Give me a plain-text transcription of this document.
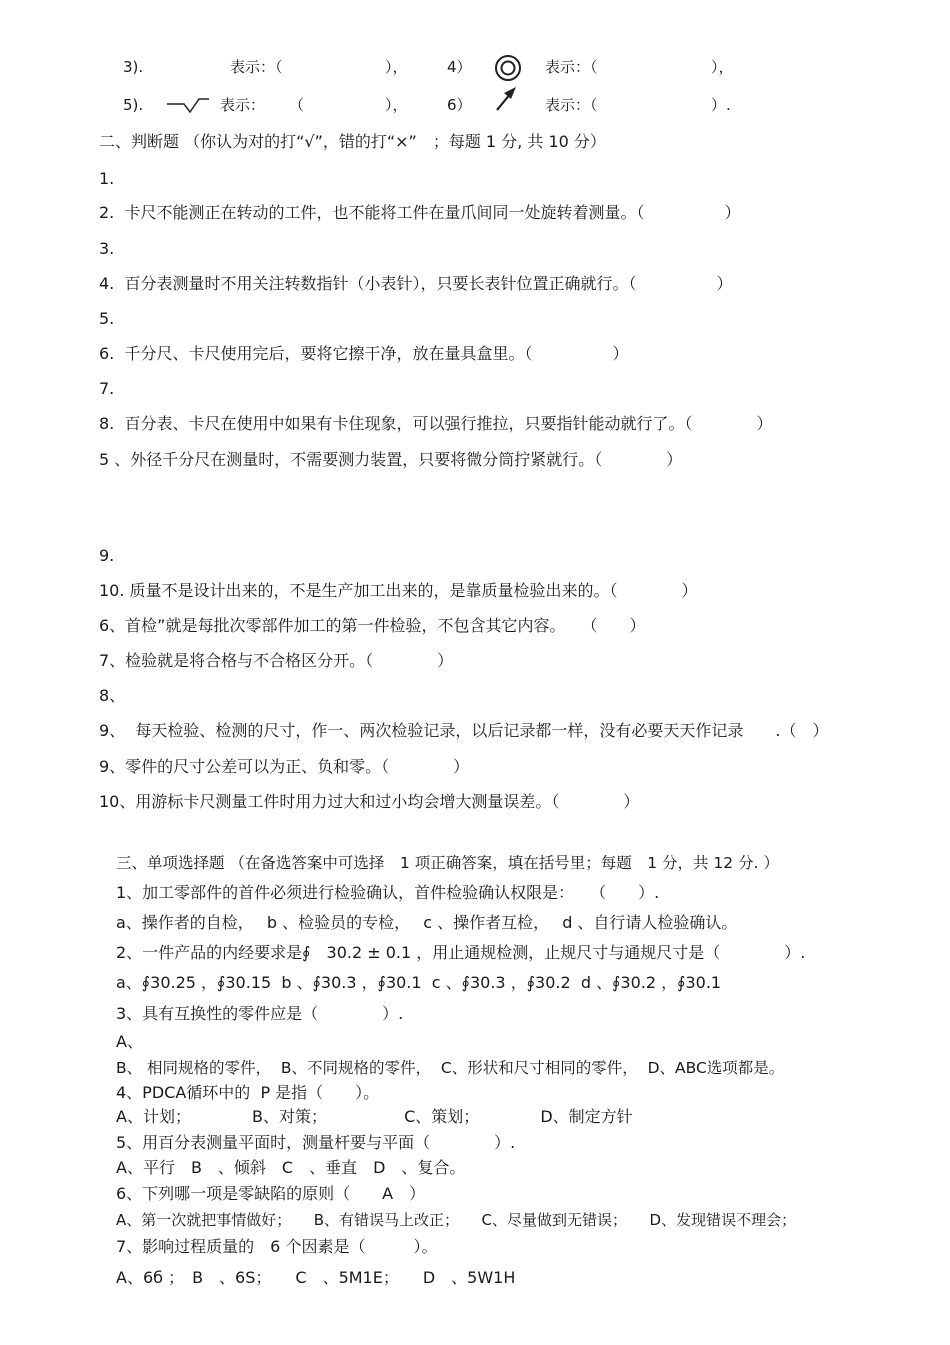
3).	表示：（	），	4）	表示：（	），
5).	表示： （	），	6）	表示：（	）.
二、判断题 （你认为对的打“√”，错的打“×”　；每题 1 分, 共 10 分）
1.
2.  卡尺不能测正在转动的工件，也不能将工件在量爪间同一处旋转着测量。（　　　　　）
3.
4.  百分表测量时不用关注转数指针（小表针），只要长表针位置正确就行。（　　　　　）
5.
6.  千分尺、卡尺使用完后，要将它擦干净，放在量具盒里。（　　　　　）
7.
8.  百分表、卡尺在使用中如果有卡住现象，可以强行推拉，只要指针能动就行了。（　　　　）
5 、外径千分尺在测量时，不需要测力装置，只要将微分筒拧紧就行。（　　　　）
9.
10. 质量不是设计出来的，不是生产加工出来的，是靠质量检验出来的。（　　　　）
6、首检”就是每批次零部件加工的第一件检验，不包含其它内容。　　（　　）
7、检验就是将合格与不合格区分开。（　　　　）
8、
9、  每天检验、检测的尺寸，作一、两次检验记录，以后记录都一样，没有必要天天作记录　　.（　）
9、零件的尺寸公差可以为正、负和零。（　　　　）
10、用游标卡尺测量工件时用力过大和过小均会增大测量误差。（　　　　）
三、单项选择题 （在备选答案中可选择　1 项正确答案，填在括号里；每题　1 分，共 12 分. ）
1、加工零部件的首件必须进行检验确认，首件检验确认权限是：　　（　　）.
a、操作者的自检，　 b 、检验员的专检，　 c 、操作者互检，　 d 、自行请人检验确认。
2、一件产品的内经要求是∮　30.2 ± 0.1 ，用止通规检测，止规尺寸与通规尺寸是（　　　　）.
a、∮30.25 ，∮30.15  b 、∮30.3 ，∮30.1  c 、∮30.3 ，∮30.2  d 、∮30.2 ，∮30.1
3、具有互换性的零件应是（　　　　）.
A、
B、 相同规格的零件，  B、不同规格的零件，  C、形状和尺寸相同的零件，  D、ABC选项都是。
4、PDCA循环中的  P 是指（　　）。
A、计划；　　　　 B、对策；　　　　　 C、策划；　　　　 D、制定方针
5、用百分表测量平面时，测量杆要与平面（　　　　）.
A、平行　B　、倾斜　C　、垂直　D　、复合。
6、下列哪一项是零缺陷的原则（　　A　）
A、第一次就把事情做好；　　B、有错误马上改正；　　C、尽量做到无错误；　　D、发现错误不理会；
7、影响过程质量的　6 个因素是（　　　）。
A、6б ；　B　、6S；　　C　、5M1E；　　D　、5W1H
